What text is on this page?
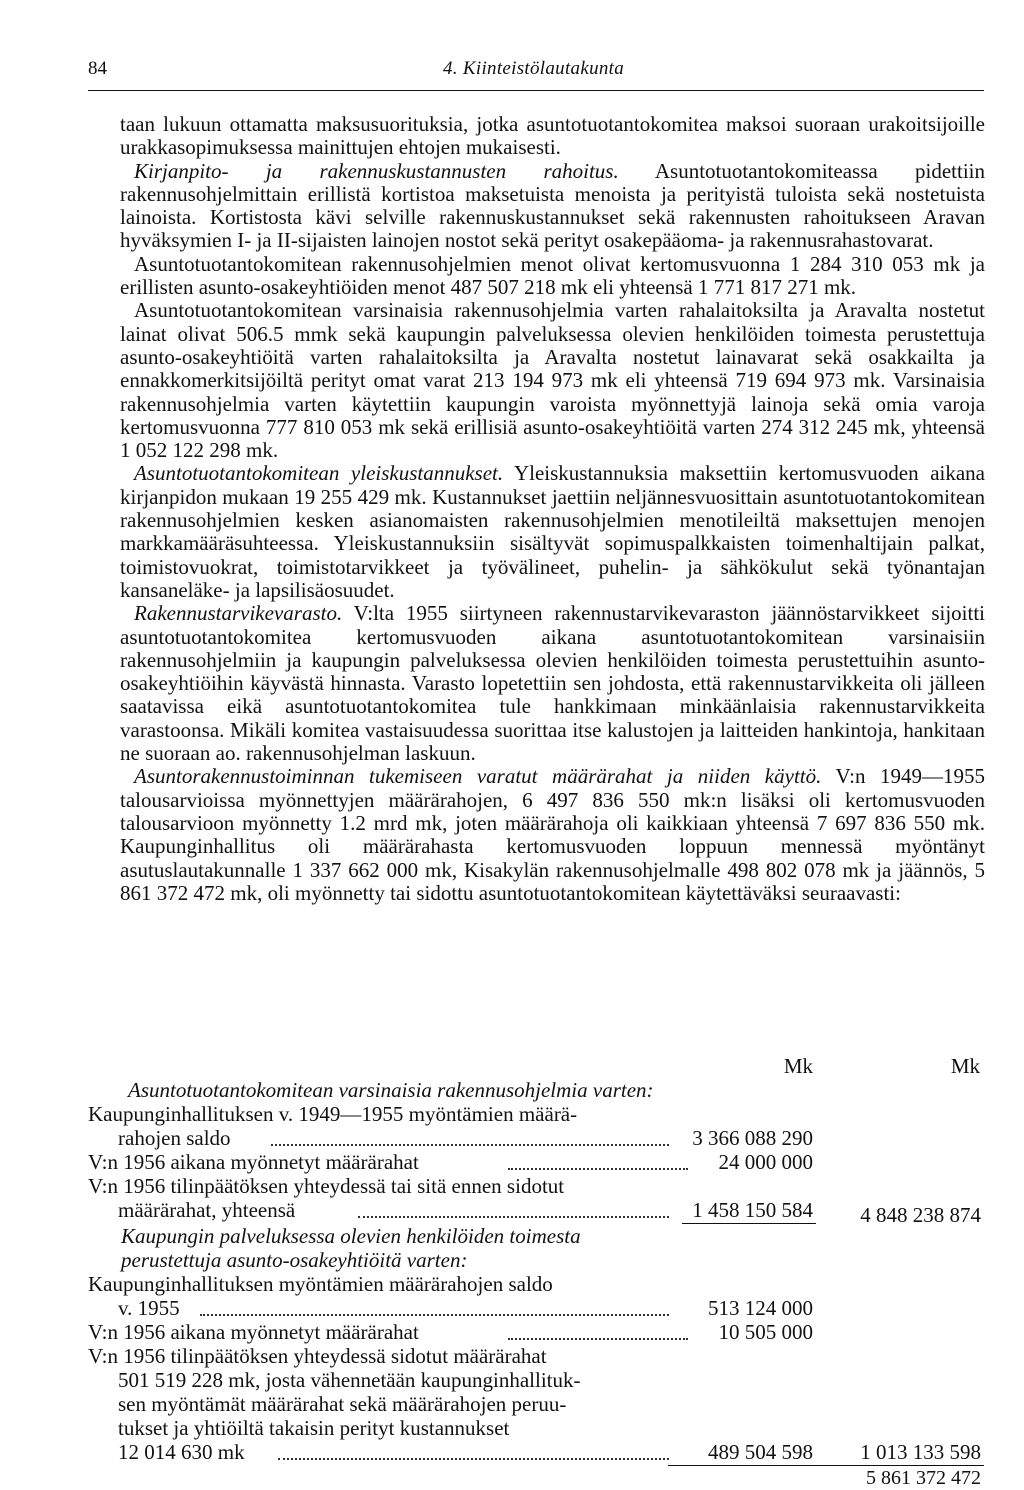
84	4. Kiinteistölautakunta

taan lukuun ottamatta maksusuorituksia, jotka asuntotuotantokomitea maksoi suoraan urakoitsijoille urakkasopimuksessa mainittujen ehtojen mukaisesti.

Kirjanpito- ja rakennuskustannusten rahoitus. Asuntotuotantokomiteassa pidettiin rakennusohjelmittain erillistä kortistoa maksetuista menoista ja perityistä tuloista sekä nostetuista lainoista. Kortistosta kävi selville rakennuskustannukset sekä rakennusten rahoitukseen Aravan hyväksymien I- ja II-sijaisten lainojen nostot sekä perityt osakepääoma- ja rakennusrahastovarat.

Asuntotuotantokomitean rakennusohjelmien menot olivat kertomusvuonna 1 284 310 053 mk ja erillisten asunto-osakeyhtiöiden menot 487 507 218 mk eli yhteensä 1 771 817 271 mk.

Asuntotuotantokomitean varsinaisia rakennusohjelmia varten rahalaitoksilta ja Aravalta nostetut lainat olivat 506.5 mmk sekä kaupungin palveluksessa olevien henkilöiden toimesta perustettuja asunto-osakeyhtiöitä varten rahalaitoksilta ja Aravalta nostetut lainavarat sekä osakkailta ja ennakkomerkitsijöiltä perityt omat varat 213 194 973 mk eli yhteensä 719 694 973 mk. Varsinaisia rakennusohjelmia varten käytettiin kaupungin varoista myönnettyjä lainoja sekä omia varoja kertomusvuonna 777 810 053 mk sekä erillisiä asunto-osakeyhtiöitä varten 274 312 245 mk, yhteensä 1 052 122 298 mk.

Asuntotuotantokomitean yleiskustannukset. Yleiskustannuksia maksettiin kertomusvuoden aikana kirjanpidon mukaan 19 255 429 mk. Kustannukset jaettiin neljännesvuosittain asuntotuotantokomitean rakennusohjelmien kesken asianomaisten rakennusohjelmien menotileiltä maksettujen menojen markkamääräsuhteessa. Yleiskustannuksiin sisältyvät sopimuspalkkaisten toimenhaltijain palkat, toimistovuokrat, toimistotarvikkeet ja työvälineet, puhelin- ja sähkökulut sekä työnantajan kansaneläke- ja lapsilisäosuudet.

Rakennustarvikevarasto. V:lta 1955 siirtyneen rakennustarvikevaraston jäännöstarvikkeet sijoitti asuntotuotantokomitea kertomusvuoden aikana asuntotuotantokomitean varsinaisiin rakennusohjelmiin ja kaupungin palveluksessa olevien henkilöiden toimesta perustettuihin asunto-osakeyhtiöihin käyvästä hinnasta. Varasto lopetettiin sen johdosta, että rakennustarvikkeita oli jälleen saatavissa eikä asuntotuotantokomitea tule hankkimaan minkäänlaisia rakennustarvikkeita varastoonsa. Mikäli komitea vastaisuudessa suorittaa itse kalustojen ja laitteiden hankintoja, hankitaan ne suoraan ao. rakennusohjelman laskuun.

Asuntorakennustoiminnan tukemiseen varatut määrärahat ja niiden käyttö. V:n 1949—1955 talousarvioissa myönnettyjen määrärahojen, 6 497 836 550 mk:n lisäksi oli kertomusvuoden talousarvioon myönnetty 1.2 mrd mk, joten määrärahoja oli kaikkiaan yhteensä 7 697 836 550 mk. Kaupunginhallitus oli määrärahasta kertomusvuoden loppuun mennessä myöntänyt asutuslautakunnalle 1 337 662 000 mk, Kisakylän rakennusohjelmalle 498 802 078 mk ja jäännös, 5 861 372 472 mk, oli myönnetty tai sidottu asuntotuotantokomitean käytettäväksi seuraavasti:

Mk	Mk
Asuntotuotantokomitean varsinaisia rakennusohjelmia varten:
Kaupunginhallituksen v. 1949—1955 myöntämien määrä-
rahojen saldo	3 366 088 290
V:n 1956 aikana myönnetyt määrärahat	24 000 000
V:n 1956 tilinpäätöksen yhteydessä tai sitä ennen sidotut
määrärahat, yhteensä	1 458 150 584	4 848 238 874
Kaupungin palveluksessa olevien henkilöiden toimesta
perustettuja asunto-osakeyhtiöitä varten:
Kaupunginhallituksen myöntämien määrärahojen saldo
v. 1955	513 124 000
V:n 1956 aikana myönnetyt määrärahat	10 505 000
V:n 1956 tilinpäätöksen yhteydessä sidotut määrärahat
501 519 228 mk, josta vähennetään kaupunginhallituk-
sen myöntämät määrärahat sekä määrärahojen peruu-
tukset ja yhtiöiltä takaisin perityt kustannukset
12 014 630 mk	489 504 598	1 013 133 598
5 861 372 472
